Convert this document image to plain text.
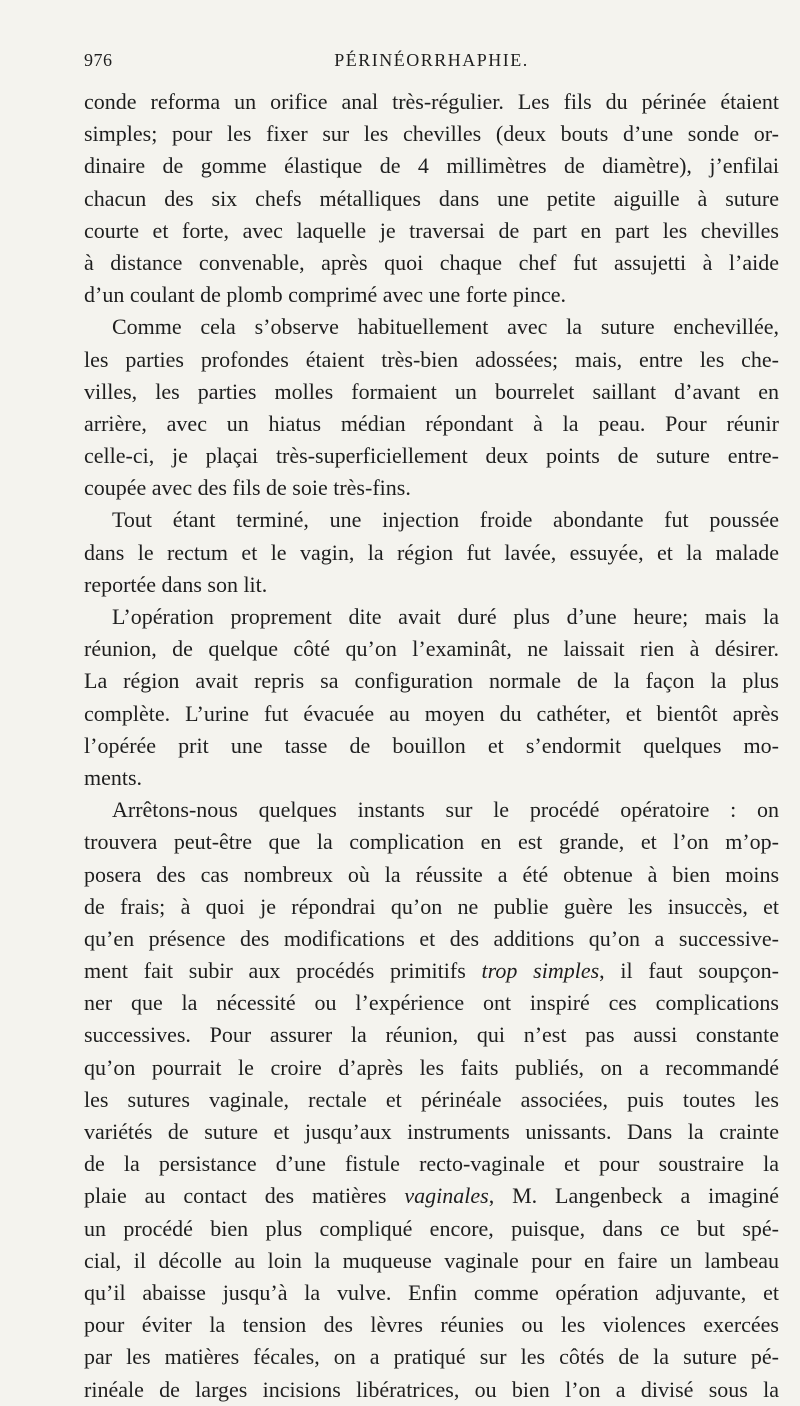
976	PÉRINÉORRHAPHIE.
conde reforma un orifice anal très-régulier. Les fils du périnée étaient
simples; pour les fixer sur les chevilles (deux bouts d’une sonde or-
dinaire de gomme élastique de 4 millimètres de diamètre), j’enfilai
chacun des six chefs métalliques dans une petite aiguille à suture
courte et forte, avec laquelle je traversai de part en part les chevilles
à distance convenable, après quoi chaque chef fut assujetti à l’aide
d’un coulant de plomb comprimé avec une forte pince.
Comme cela s’observe habituellement avec la suture enchevillée,
les parties profondes étaient très-bien adossées; mais, entre les che-
villes, les parties molles formaient un bourrelet saillant d’avant en
arrière, avec un hiatus médian répondant à la peau. Pour réunir
celle-ci, je plaçai très-superficiellement deux points de suture entre-
coupée avec des fils de soie très-fins.
Tout étant terminé, une injection froide abondante fut poussée
dans le rectum et le vagin, la région fut lavée, essuyée, et la malade
reportée dans son lit.
L’opération proprement dite avait duré plus d’une heure; mais la
réunion, de quelque côté qu’on l’examinât, ne laissait rien à désirer.
La région avait repris sa configuration normale de la façon la plus
complète. L’urine fut évacuée au moyen du cathéter, et bientôt après
l’opérée prit une tasse de bouillon et s’endormit quelques mo-
ments.
Arrêtons-nous quelques instants sur le procédé opératoire : on
trouvera peut-être que la complication en est grande, et l’on m’op-
posera des cas nombreux où la réussite a été obtenue à bien moins
de frais; à quoi je répondrai qu’on ne publie guère les insuccès, et
qu’en présence des modifications et des additions qu’on a successive-
ment fait subir aux procédés primitifs trop simples, il faut soupçon-
ner que la nécessité ou l’expérience ont inspiré ces complications
successives. Pour assurer la réunion, qui n’est pas aussi constante
qu’on pourrait le croire d’après les faits publiés, on a recommandé
les sutures vaginale, rectale et périnéale associées, puis toutes les
variétés de suture et jusqu’aux instruments unissants. Dans la crainte
de la persistance d’une fistule recto-vaginale et pour soustraire la
plaie au contact des matières vaginales, M. Langenbeck a imaginé
un procédé bien plus compliqué encore, puisque, dans ce but spé-
cial, il décolle au loin la muqueuse vaginale pour en faire un lambeau
qu’il abaisse jusqu’à la vulve. Enfin comme opération adjuvante, et
pour éviter la tension des lèvres réunies ou les violences exercées
par les matières fécales, on a pratiqué sur les côtés de la suture pé-
rinéale de larges incisions libératrices, ou bien l’on a divisé sous la
